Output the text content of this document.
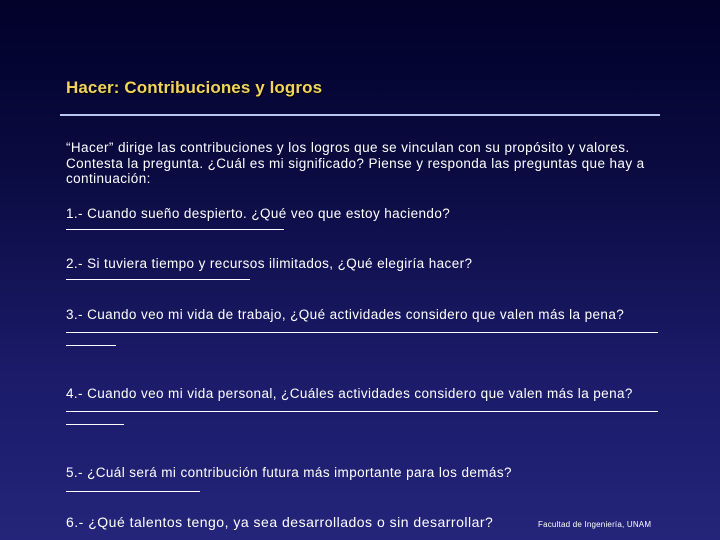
Hacer: Contribuciones y logros

“Hacer” dirige las contribuciones y los logros que se vinculan con su propósito y valores. Contesta la pregunta. ¿Cuál es mi significado? Piense y responda las preguntas que hay a continuación:

1.- Cuando sueño despierto. ¿Qué veo que estoy haciendo?

2.- Si tuviera tiempo y recursos ilimitados, ¿Qué elegiría hacer?

3.- Cuando veo mi vida de trabajo, ¿Qué actividades considero que valen más la pena?

4.- Cuando veo mi vida personal, ¿Cuáles actividades considero que valen más la pena?

5.- ¿Cuál será mi contribución futura más importante para los demás?

6.- ¿Qué talentos tengo, ya sea desarrollados o sin desarrollar?	Facultad de Ingeniería, UNAM
